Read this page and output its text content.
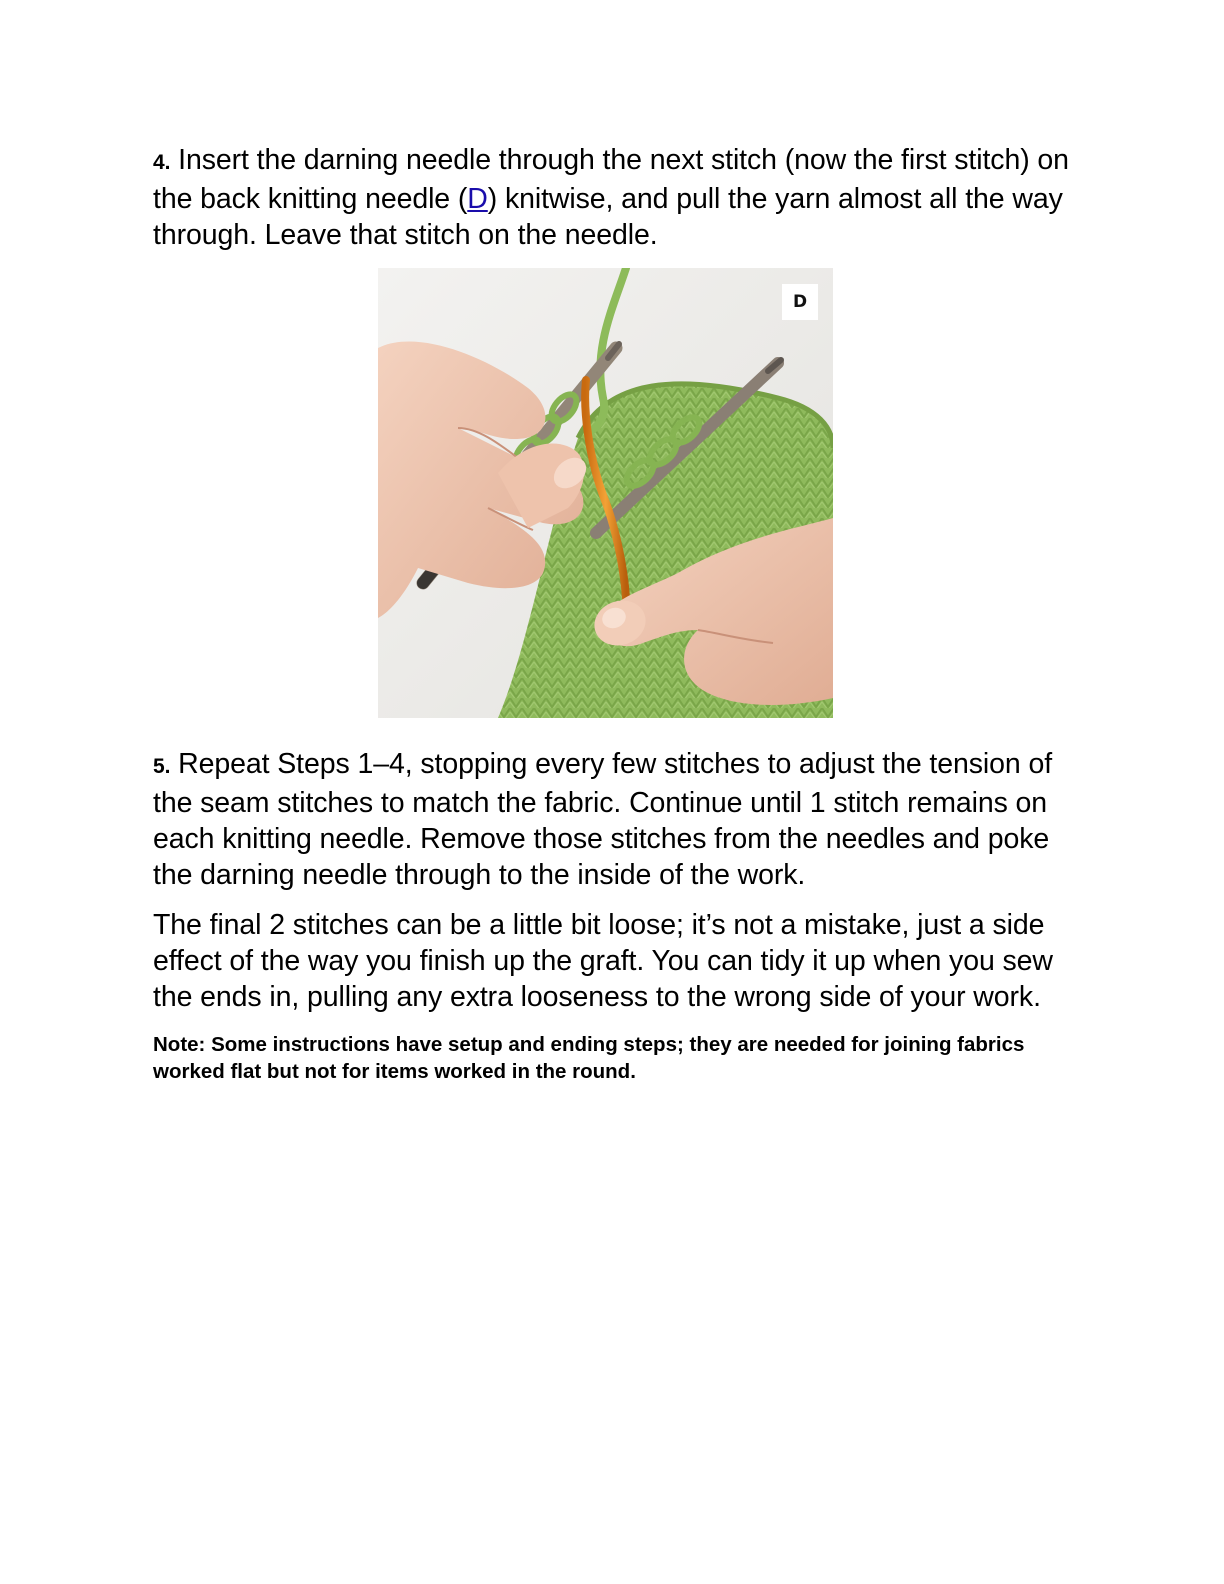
4. Insert the darning needle through the next stitch (now the first stitch) on the back knitting needle (D) knitwise, and pull the yarn almost all the way through. Leave that stitch on the needle.

D

5. Repeat Steps 1–4, stopping every few stitches to adjust the tension of the seam stitches to match the fabric. Continue until 1 stitch remains on each knitting needle. Remove those stitches from the needles and poke the darning needle through to the inside of the work.

The final 2 stitches can be a little bit loose; it’s not a mistake, just a side effect of the way you finish up the graft. You can tidy it up when you sew the ends in, pulling any extra looseness to the wrong side of your work.

Note: Some instructions have setup and ending steps; they are needed for joining fabrics worked flat but not for items worked in the round.
